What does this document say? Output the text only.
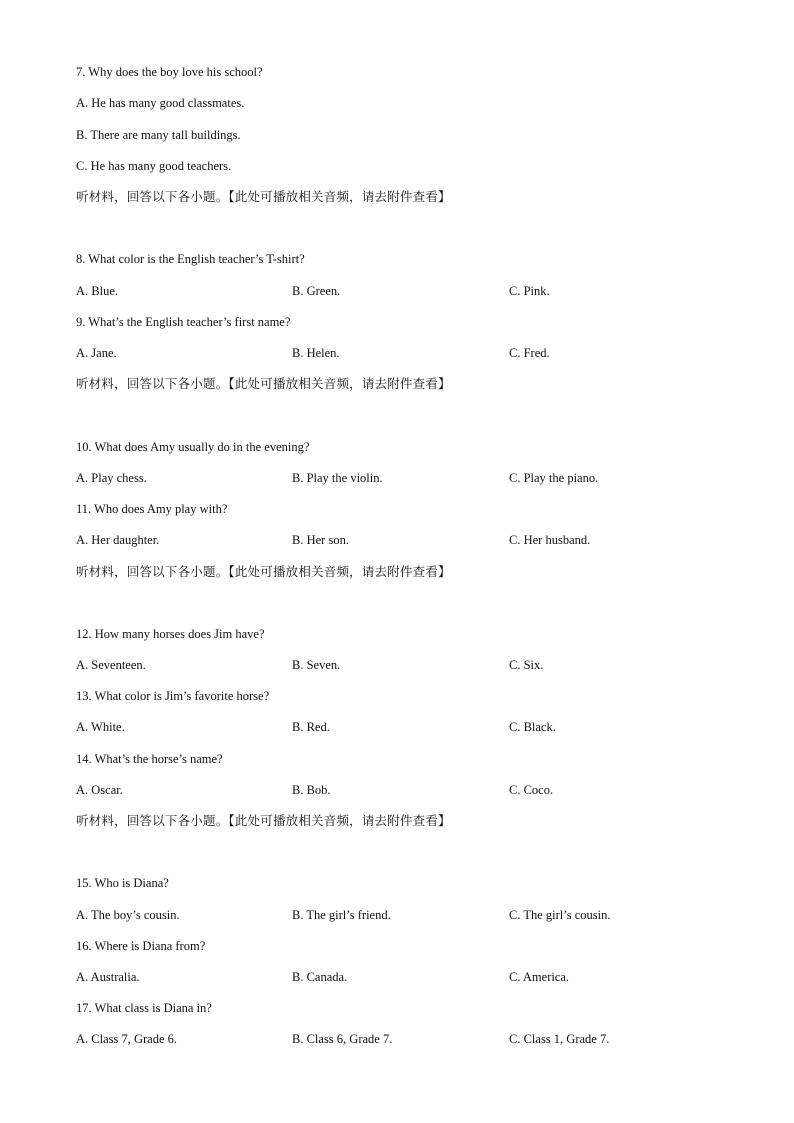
7. Why does the boy love his school?
A. He has many good classmates.
B. There are many tall buildings.
C. He has many good teachers.
听材料，回答以下各小题。【此处可播放相关音频，请去附件查看】
8. What color is the English teacher’s T-shirt?
A. Blue.	B. Green.	C. Pink.
9. What’s the English teacher’s first name?
A. Jane.	B. Helen.	C. Fred.
听材料，回答以下各小题。【此处可播放相关音频，请去附件查看】
10. What does Amy usually do in the evening?
A. Play chess.	B. Play the violin.	C. Play the piano.
11. Who does Amy play with?
A. Her daughter.	B. Her son.	C. Her husband.
听材料，回答以下各小题。【此处可播放相关音频，请去附件查看】
12. How many horses does Jim have?
A. Seventeen.	B. Seven.	C. Six.
13. What color is Jim’s favorite horse?
A. White.	B. Red.	C. Black.
14. What’s the horse’s name?
A. Oscar.	B. Bob.	C. Coco.
听材料，回答以下各小题。【此处可播放相关音频，请去附件查看】
15. Who is Diana?
A. The boy’s cousin.	B. The girl’s friend.	C. The girl’s cousin.
16. Where is Diana from?
A. Australia.	B. Canada.	C. America.
17. What class is Diana in?
A. Class 7, Grade 6.	B. Class 6, Grade 7.	C. Class 1, Grade 7.
